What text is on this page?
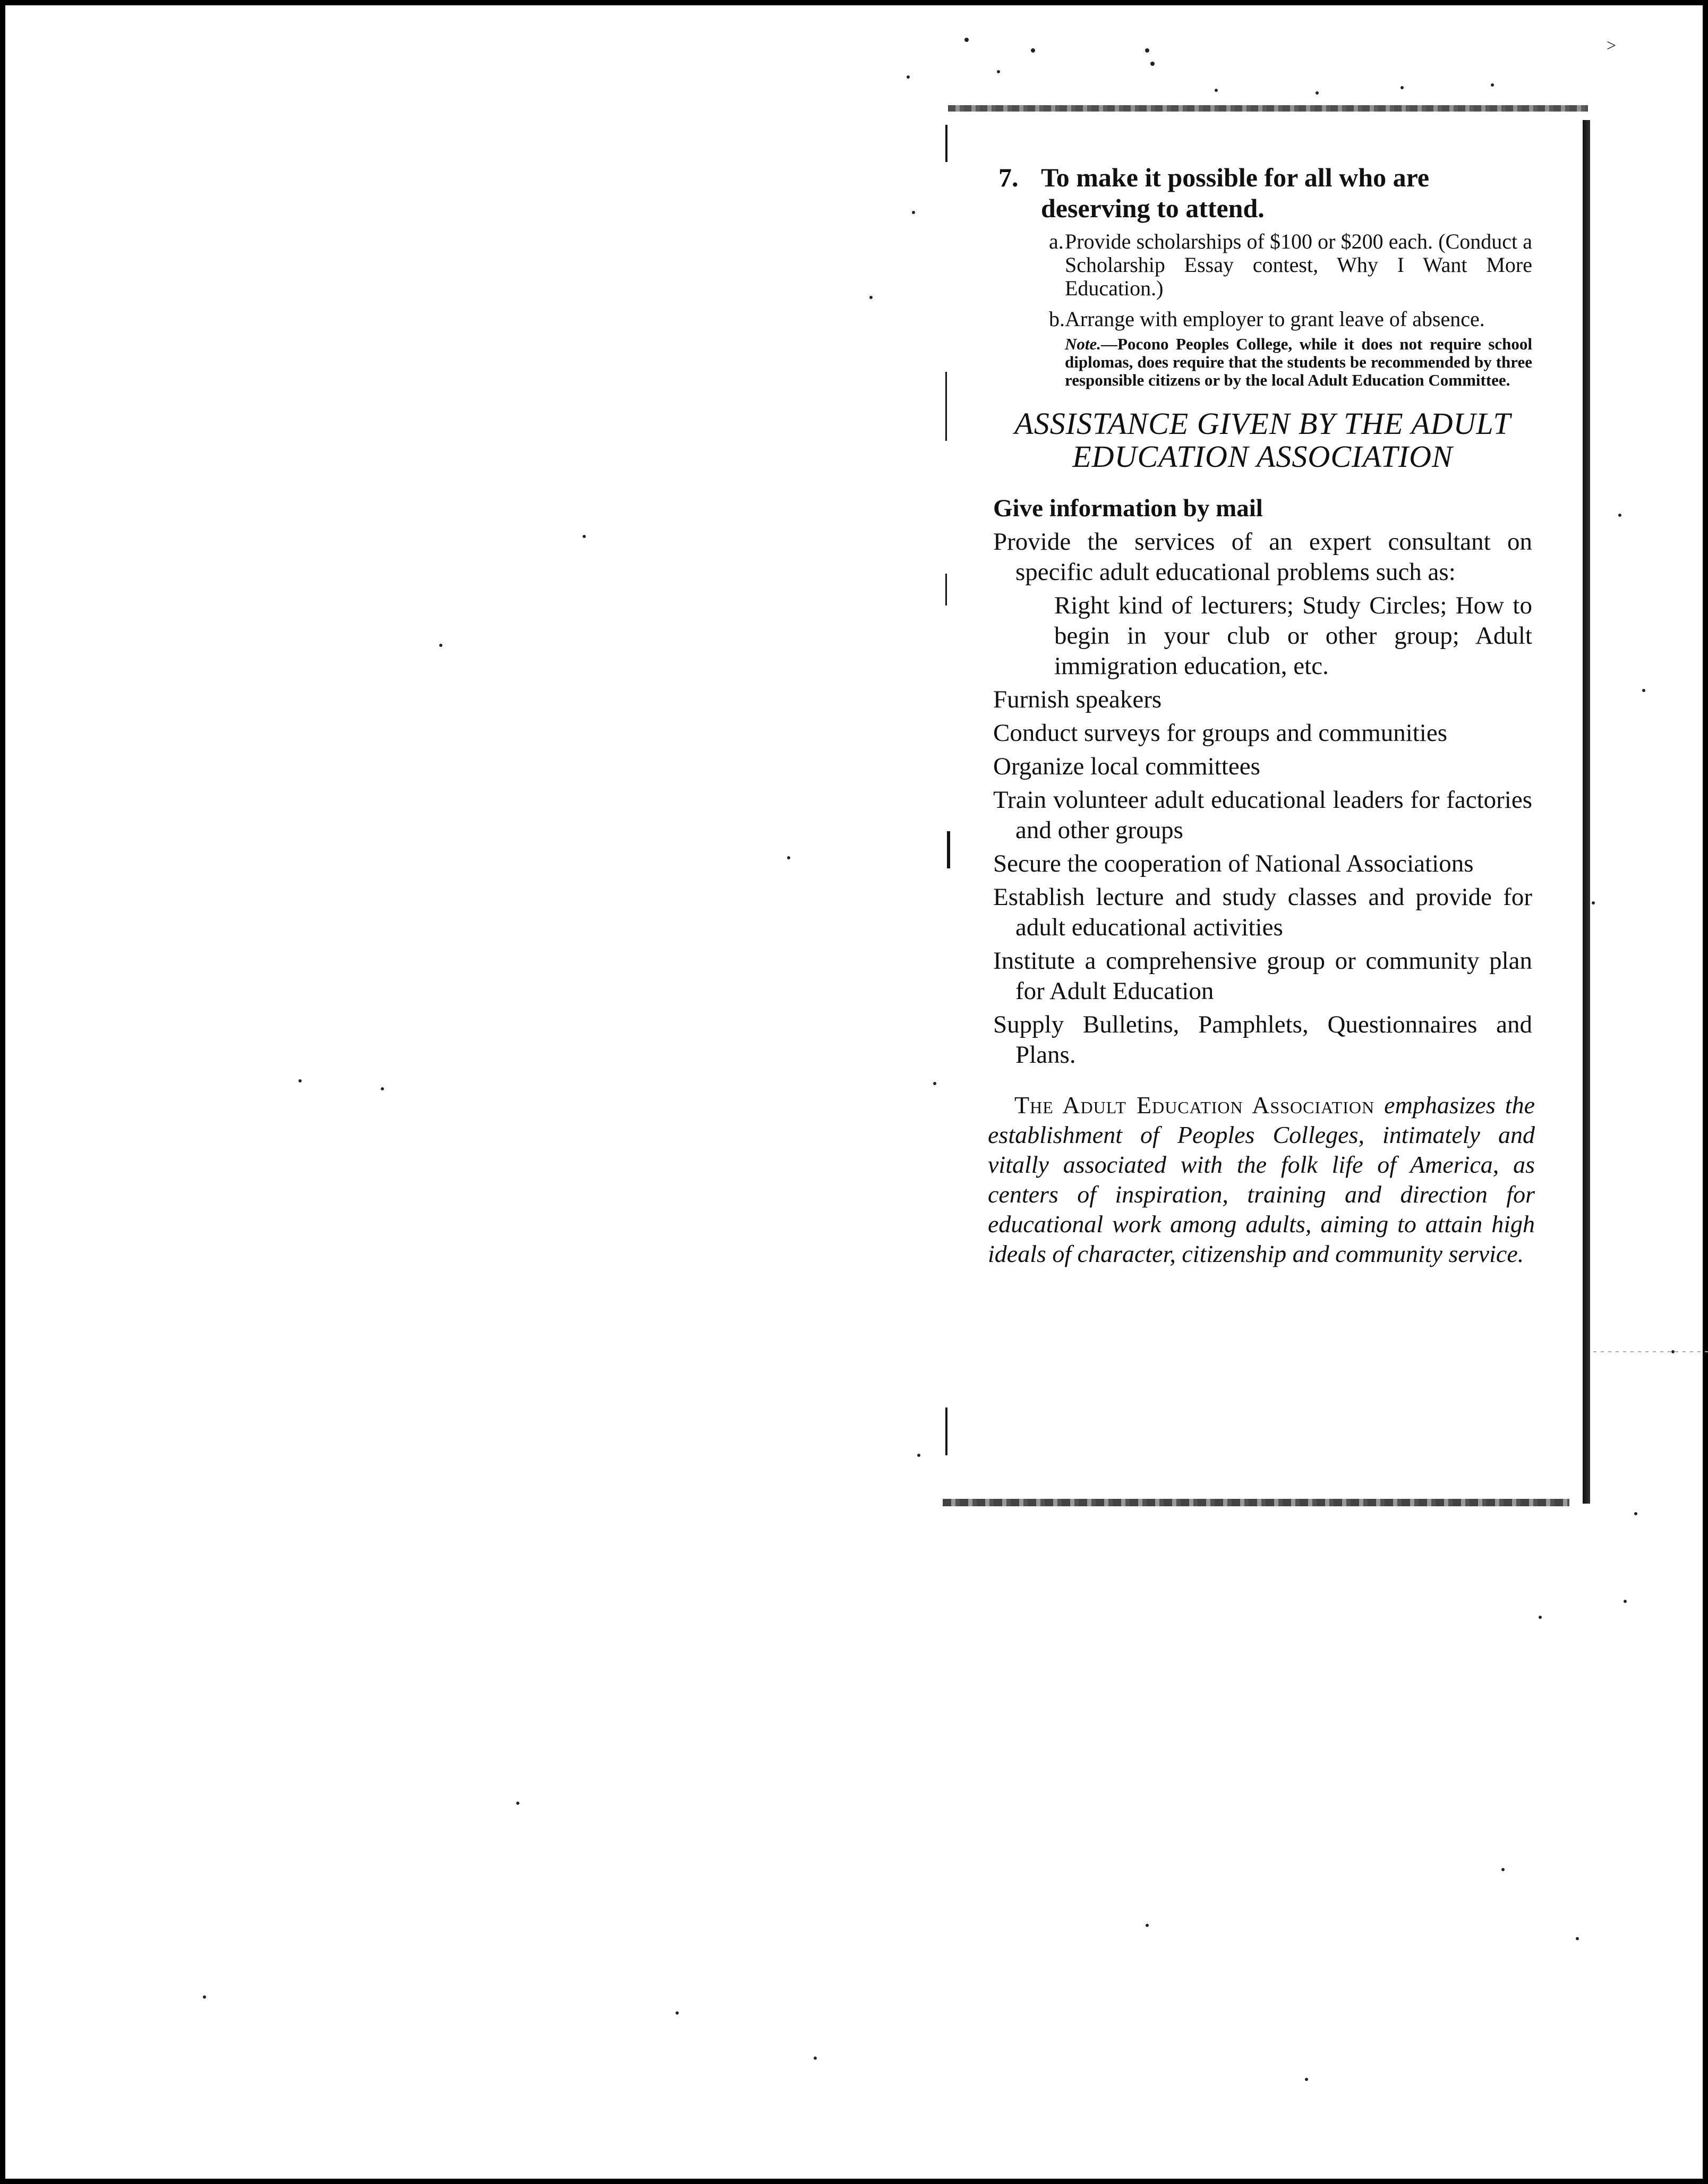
˃
7. To make it possible for all who are deserving to attend.
a. Provide scholarships of $100 or $200 each. (Conduct a Scholarship Essay contest, Why I Want More Education.)
b. Arrange with employer to grant leave of absence.
Note.—Pocono Peoples College, while it does not require school diplomas, does require that the students be recommended by three responsible citizens or by the local Adult Education Committee.
ASSISTANCE GIVEN BY THE ADULT
EDUCATION ASSOCIATION
Give information by mail
Provide the services of an expert consultant on specific adult educational problems such as:
Right kind of lecturers; Study Circles; How to begin in your club or other group; Adult immigration education, etc.
Furnish speakers
Conduct surveys for groups and communities
Organize local committees
Train volunteer adult educational leaders for factories and other groups
Secure the cooperation of National Associations
Establish lecture and study classes and provide for adult educational activities
Institute a comprehensive group or community plan for Adult Education
Supply Bulletins, Pamphlets, Questionnaires and Plans.
The Adult Education Association emphasizes the establishment of Peoples Colleges, intimately and vitally associated with the folk life of America, as centers of inspiration, training and direction for educational work among adults, aiming to attain high ideals of character, citizenship and community service.
